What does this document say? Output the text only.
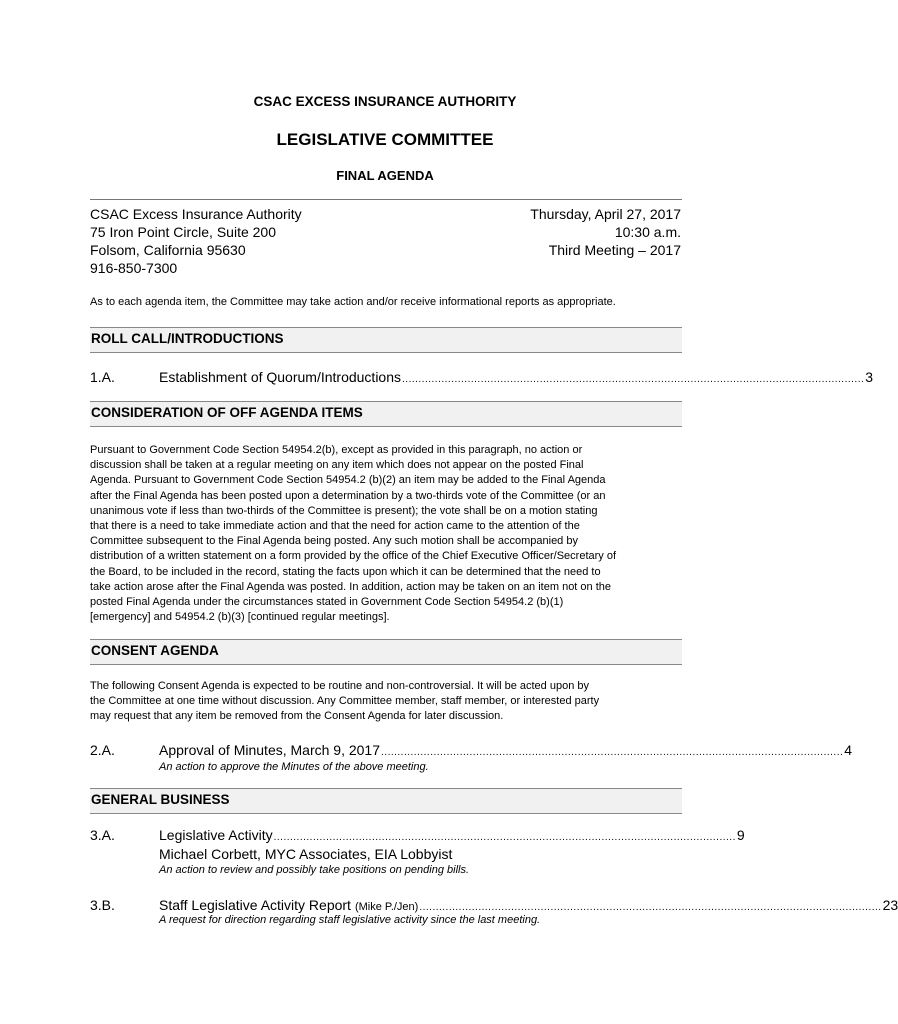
CSAC EXCESS INSURANCE AUTHORITY
LEGISLATIVE COMMITTEE
FINAL AGENDA
CSAC Excess Insurance Authority
75 Iron Point Circle, Suite 200
Folsom, California 95630
916-850-7300
Thursday, April 27, 2017
10:30 a.m.
Third Meeting – 2017
As to each agenda item, the Committee may take action and/or receive informational reports as appropriate.
ROLL CALL/INTRODUCTIONS
1.A.	Establishment of Quorum/Introductions ............................................................................................................................................. 3
CONSIDERATION OF OFF AGENDA ITEMS
Pursuant to Government Code Section 54954.2(b), except as provided in this paragraph, no action or
discussion shall be taken at a regular meeting on any item which does not appear on the posted Final
Agenda. Pursuant to Government Code Section 54954.2 (b)(2) an item may be added to the Final Agenda
after the Final Agenda has been posted upon a determination by a two-thirds vote of the Committee (or an
unanimous vote if less than two-thirds of the Committee is present); the vote shall be on a motion stating
that there is a need to take immediate action and that the need for action came to the attention of the
Committee subsequent to the Final Agenda being posted. Any such motion shall be accompanied by
distribution of a written statement on a form provided by the office of the Chief Executive Officer/Secretary of
the Board, to be included in the record, stating the facts upon which it can be determined that the need to
take action arose after the Final Agenda was posted. In addition, action may be taken on an item not on the
posted Final Agenda under the circumstances stated in Government Code Section 54954.2 (b)(1)
[emergency] and 54954.2 (b)(3) [continued regular meetings].
CONSENT AGENDA
The following Consent Agenda is expected to be routine and non-controversial. It will be acted upon by
the Committee at one time without discussion. Any Committee member, staff member, or interested party
may request that any item be removed from the Consent Agenda for later discussion.
2.A.	Approval of Minutes, March 9, 2017 ............................................................................................................................................. 4
An action to approve the Minutes of the above meeting.
GENERAL BUSINESS
3.A.	Legislative Activity ............................................................................................................................................. 9
Michael Corbett, MYC Associates, EIA Lobbyist
An action to review and possibly take positions on pending bills.
3.B.	Staff Legislative Activity Report (Mike P./Jen) ............................................................................................................................................. 23
A request for direction regarding staff legislative activity since the last meeting.
